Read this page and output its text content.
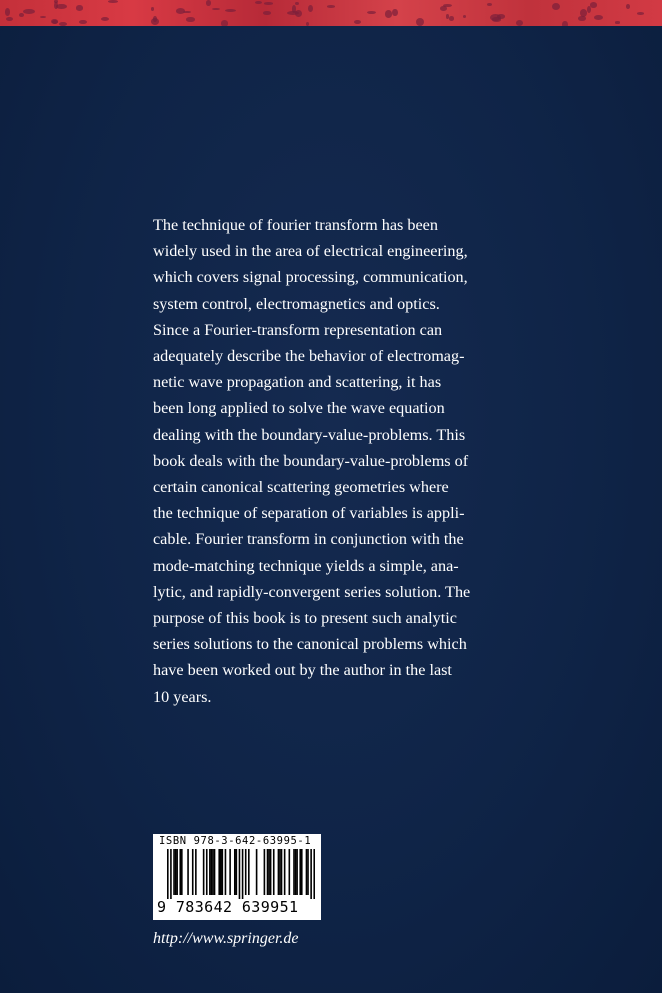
The technique of fourier transform has been
widely used in the area of electrical engineering,
which covers signal processing, communication,
system control, electromagnetics and optics.
Since a Fourier-transform representation can
adequately describe the behavior of electromag-
netic wave propagation and scattering, it has
been long applied to solve the wave equation
dealing with the boundary-value-problems. This
book deals with the boundary-value-problems of
certain canonical scattering geometries where
the technique of separation of variables is appli-
cable. Fourier transform in conjunction with the
mode-matching technique yields a simple, ana-
lytic, and rapidly-convergent series solution. The
purpose of this book is to present such analytic
series solutions to the canonical problems which
have been worked out by the author in the last
10 years.
ISBN 978-3-642-63995-1
9 783642 639951
http://www.springer.de
